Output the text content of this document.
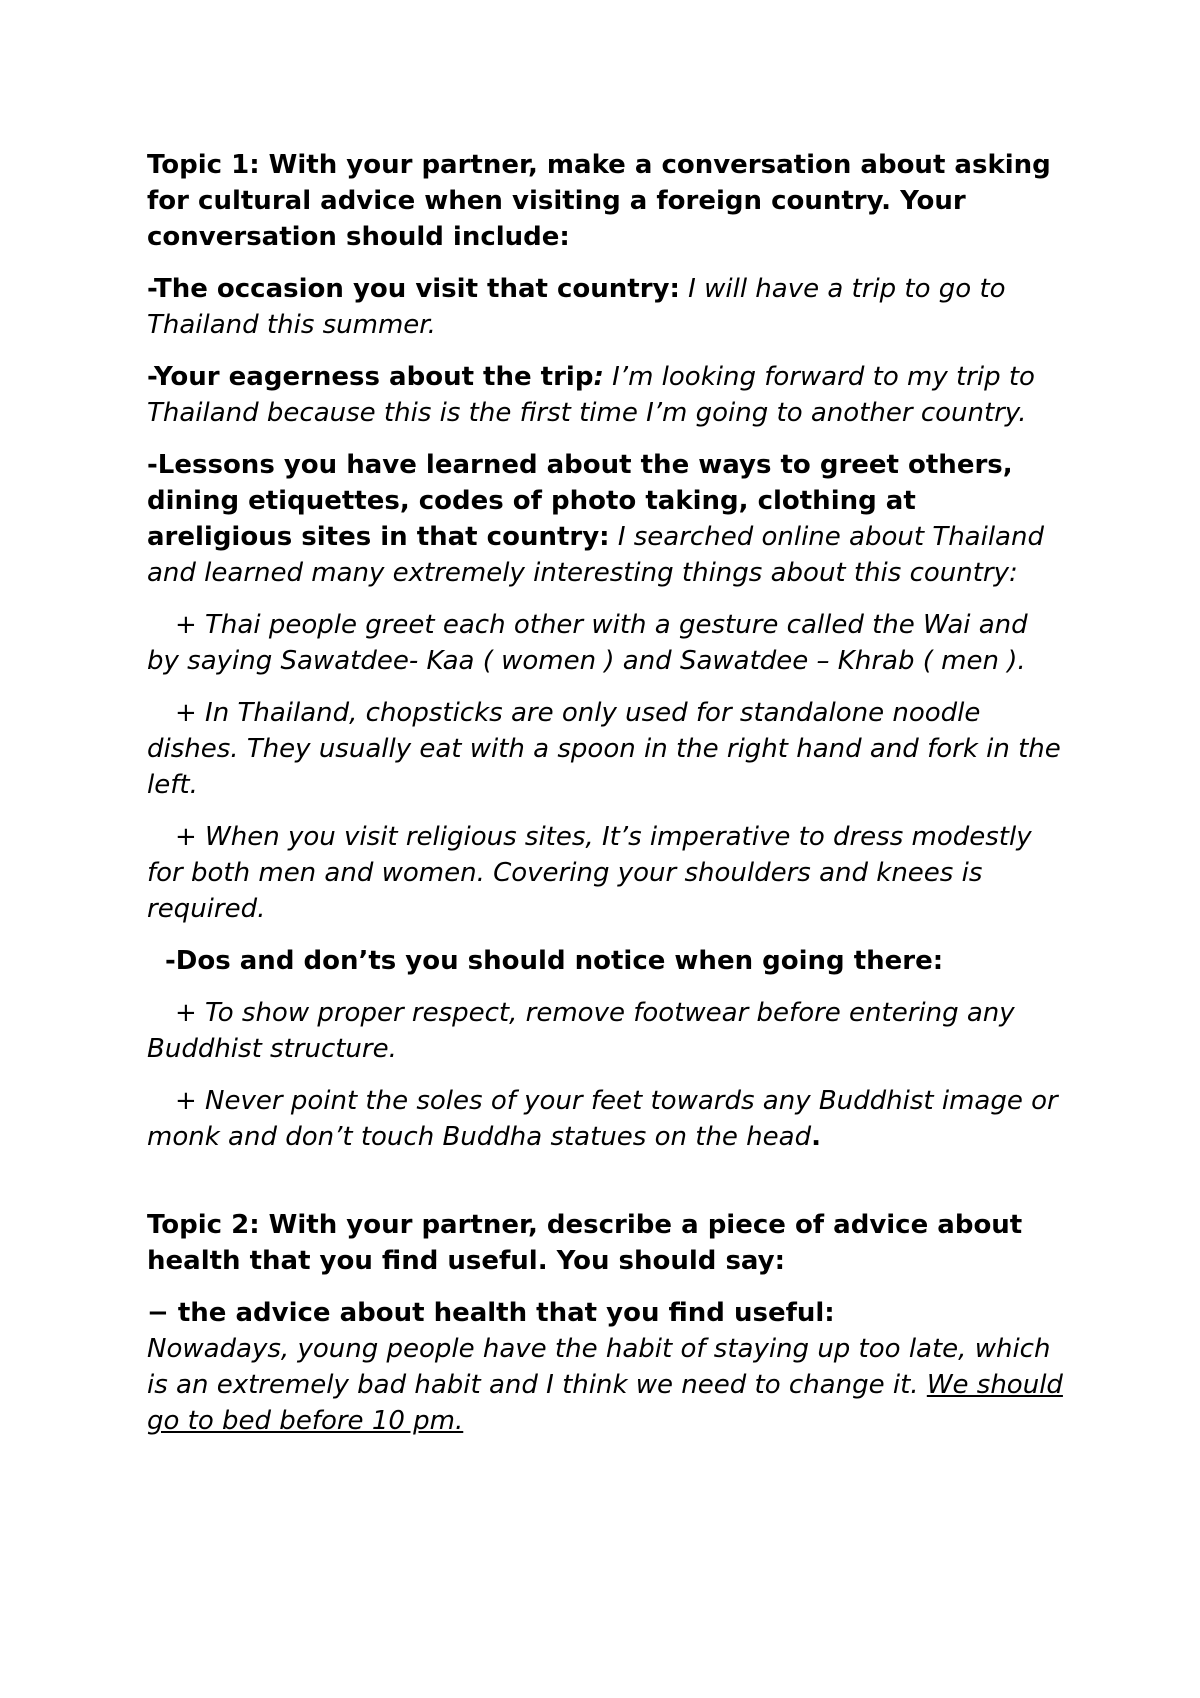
Topic 1: With your partner, make a conversation about asking for cultural advice when visiting a foreign country. Your conversation should include:

-The occasion you visit that country: I will have a trip to go to Thailand this summer.

-Your eagerness about the trip: I’m looking forward to my trip to Thailand because this is the first time I’m going to another country.

-Lessons you have learned about the ways to greet others, dining etiquettes, codes of photo taking, clothing at areligious sites in that country: I searched online about Thailand and learned many extremely interesting things about this country:

+ Thai people greet each other with a gesture called the Wai and by saying Sawatdee- Kaa ( women ) and Sawatdee – Khrab ( men ).

+ In Thailand, chopsticks are only used for standalone noodle dishes. They usually eat with a spoon in the right hand and fork in the left.

+ When you visit religious sites, It’s imperative to dress modestly for both men and women. Covering your shoulders and knees is required.

-Dos and don’ts you should notice when going there:

+ To show proper respect, remove footwear before entering any Buddhist structure.

+ Never point the soles of your feet towards any Buddhist image or monk and don’t touch Buddha statues on the head.

Topic 2: With your partner, describe a piece of advice about health that you find useful. You should say:

− the advice about health that you find useful:
Nowadays, young people have the habit of staying up too late, which is an extremely bad habit and I think we need to change it. We should go to bed before 10 pm.
